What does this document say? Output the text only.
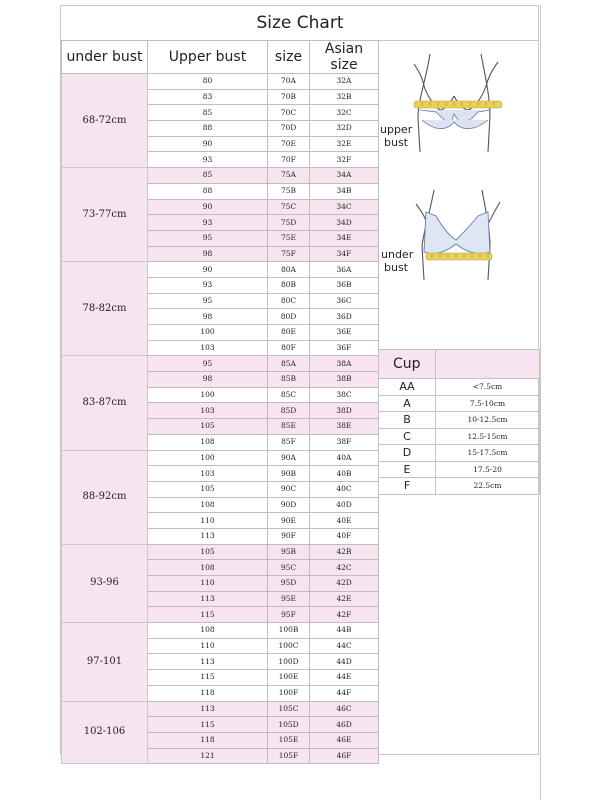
Size Chart
under bust	Upper bust	size	Asian size
68-72cm	80	70A	32A
	83	70B	32B
	85	70C	32C
	88	70D	32D
	90	70E	32E
	93	70F	32F
73-77cm	85	75A	34A
	88	75B	34B
	90	75C	34C
	93	75D	34D
	95	75E	34E
	98	75F	34F
78-82cm	90	80A	36A
	93	80B	36B
	95	80C	36C
	98	80D	36D
	100	80E	36E
	103	80F	36F
83-87cm	95	85A	38A
	98	85B	38B
	100	85C	38C
	103	85D	38D
	105	85E	38E
	108	85F	38F
88-92cm	100	90A	40A
	103	90B	40B
	105	90C	40C
	108	90D	40D
	110	90E	40E
	113	90F	40F
93-96	105	95B	42B
	108	95C	42C
	110	95D	42D
	113	95E	42E
	115	95F	42F
97-101	108	100B	44B
	110	100C	44C
	113	100D	44D
	115	100E	44E
	118	100F	44F
102-106	113	105C	46C
	115	105D	46D
	118	105E	46E
	121	105F	46F
upper
bust
under
bust
Cup	
AA	<7.5cm
A	7.5-10cm
B	10-12.5cm
C	12.5-15cm
D	15-17.5cm
E	17.5-20
F	22.5cm
